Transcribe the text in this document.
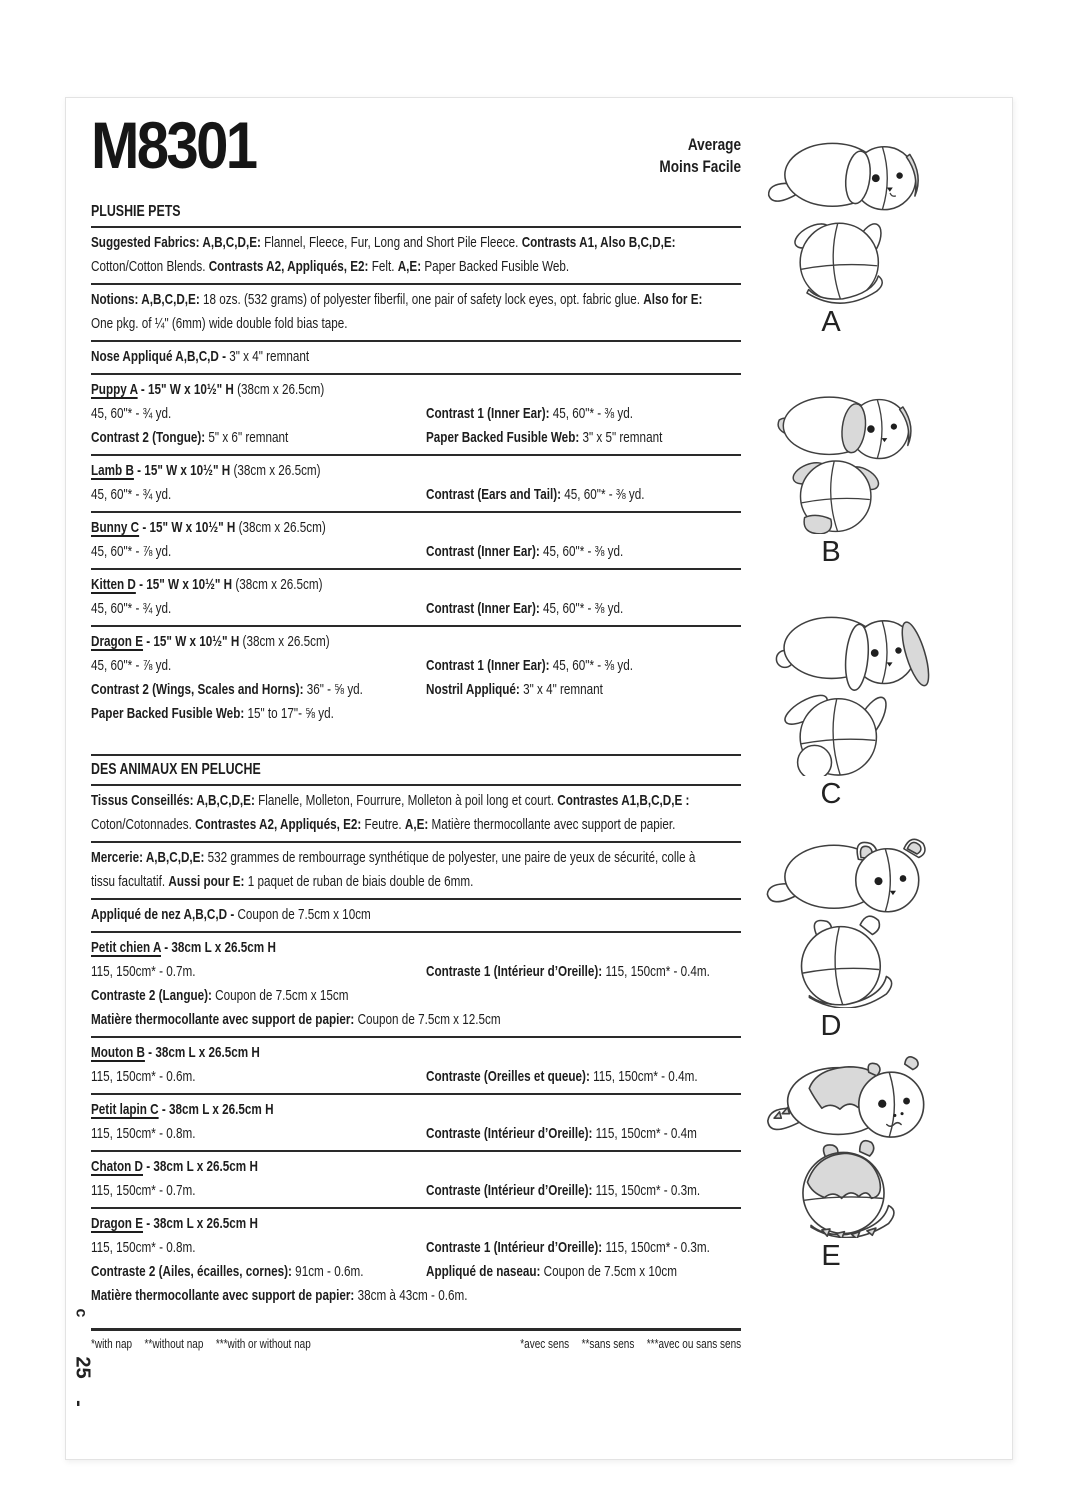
M8301	Average
Moins Facile
PLUSHIE PETS
Suggested Fabrics: A,B,C,D,E: Flannel, Fleece, Fur, Long and Short Pile Fleece. Contrasts A1, Also B,C,D,E:
Cotton/Cotton Blends. Contrasts A2, Appliqués, E2: Felt. A,E: Paper Backed Fusible Web.
Notions: A,B,C,D,E: 18 ozs. (532 grams) of polyester fiberfil, one pair of safety lock eyes, opt. fabric glue. Also for E:
One pkg. of ¼" (6mm) wide double fold bias tape.
Nose Appliqué A,B,C,D - 3" x 4" remnant
Puppy A - 15" W x 10½" H (38cm x 26.5cm)
45, 60"* - ¾ yd.	Contrast 1 (Inner Ear): 45, 60"* - ⅜ yd.
Contrast 2 (Tongue): 5" x 6" remnant	Paper Backed Fusible Web: 3" x 5" remnant
Lamb B - 15" W x 10½" H (38cm x 26.5cm)
45, 60"* - ¾ yd.	Contrast (Ears and Tail): 45, 60"* - ⅜ yd.
Bunny C - 15" W x 10½" H (38cm x 26.5cm)
45, 60"* - ⅞ yd.	Contrast (Inner Ear): 45, 60"* - ⅜ yd.
Kitten D - 15" W x 10½" H (38cm x 26.5cm)
45, 60"* - ¾ yd.	Contrast (Inner Ear): 45, 60"* - ⅜ yd.
Dragon E - 15" W x 10½" H (38cm x 26.5cm)
45, 60"* - ⅞ yd.	Contrast 1 (Inner Ear): 45, 60"* - ⅜ yd.
Contrast 2 (Wings, Scales and Horns): 36" - ⅝ yd.	Nostril Appliqué: 3" x 4" remnant
Paper Backed Fusible Web: 15" to 17"- ⅝ yd.
DES ANIMAUX EN PELUCHE
Tissus Conseillés: A,B,C,D,E: Flanelle, Molleton, Fourrure, Molleton à poil long et court. Contrastes A1,B,C,D,E :
Coton/Cotonnades. Contrastes A2, Appliqués, E2: Feutre. A,E: Matière thermocollante avec support de papier.
Mercerie: A,B,C,D,E: 532 grammes de rembourrage synthétique de polyester, une paire de yeux de sécurité, colle à
tissu facultatif. Aussi pour E: 1 paquet de ruban de biais double de 6mm.
Appliqué de nez A,B,C,D - Coupon de 7.5cm x 10cm
Petit chien A - 38cm L x 26.5cm H
115, 150cm* - 0.7m.	Contraste 1 (Intérieur d’Oreille): 115, 150cm* - 0.4m.
Contraste 2 (Langue): Coupon de 7.5cm x 15cm
Matière thermocollante avec support de papier: Coupon de 7.5cm x 12.5cm
Mouton B - 38cm L x 26.5cm H
115, 150cm* - 0.6m.	Contraste (Oreilles et queue): 115, 150cm* - 0.4m.
Petit lapin C - 38cm L x 26.5cm H
115, 150cm* - 0.8m.	Contraste (Intérieur d’Oreille): 115, 150cm* - 0.4m
Chaton D - 38cm L x 26.5cm H
115, 150cm* - 0.7m.	Contraste (Intérieur d’Oreille): 115, 150cm* - 0.3m.
Dragon E - 38cm L x 26.5cm H
115, 150cm* - 0.8m.	Contraste 1 (Intérieur d’Oreille): 115, 150cm* - 0.3m.
Contraste 2 (Ailes, écailles, cornes): 91cm - 0.6m.	Appliqué de naseau: Coupon de 7.5cm x 10cm
Matière thermocollante avec support de papier: 38cm à 43cm - 0.6m.
*with nap **without nap ***with or without nap	*avec sens **sans sens ***avec ou sans sens
A
B
C
D
E
c
25
-
